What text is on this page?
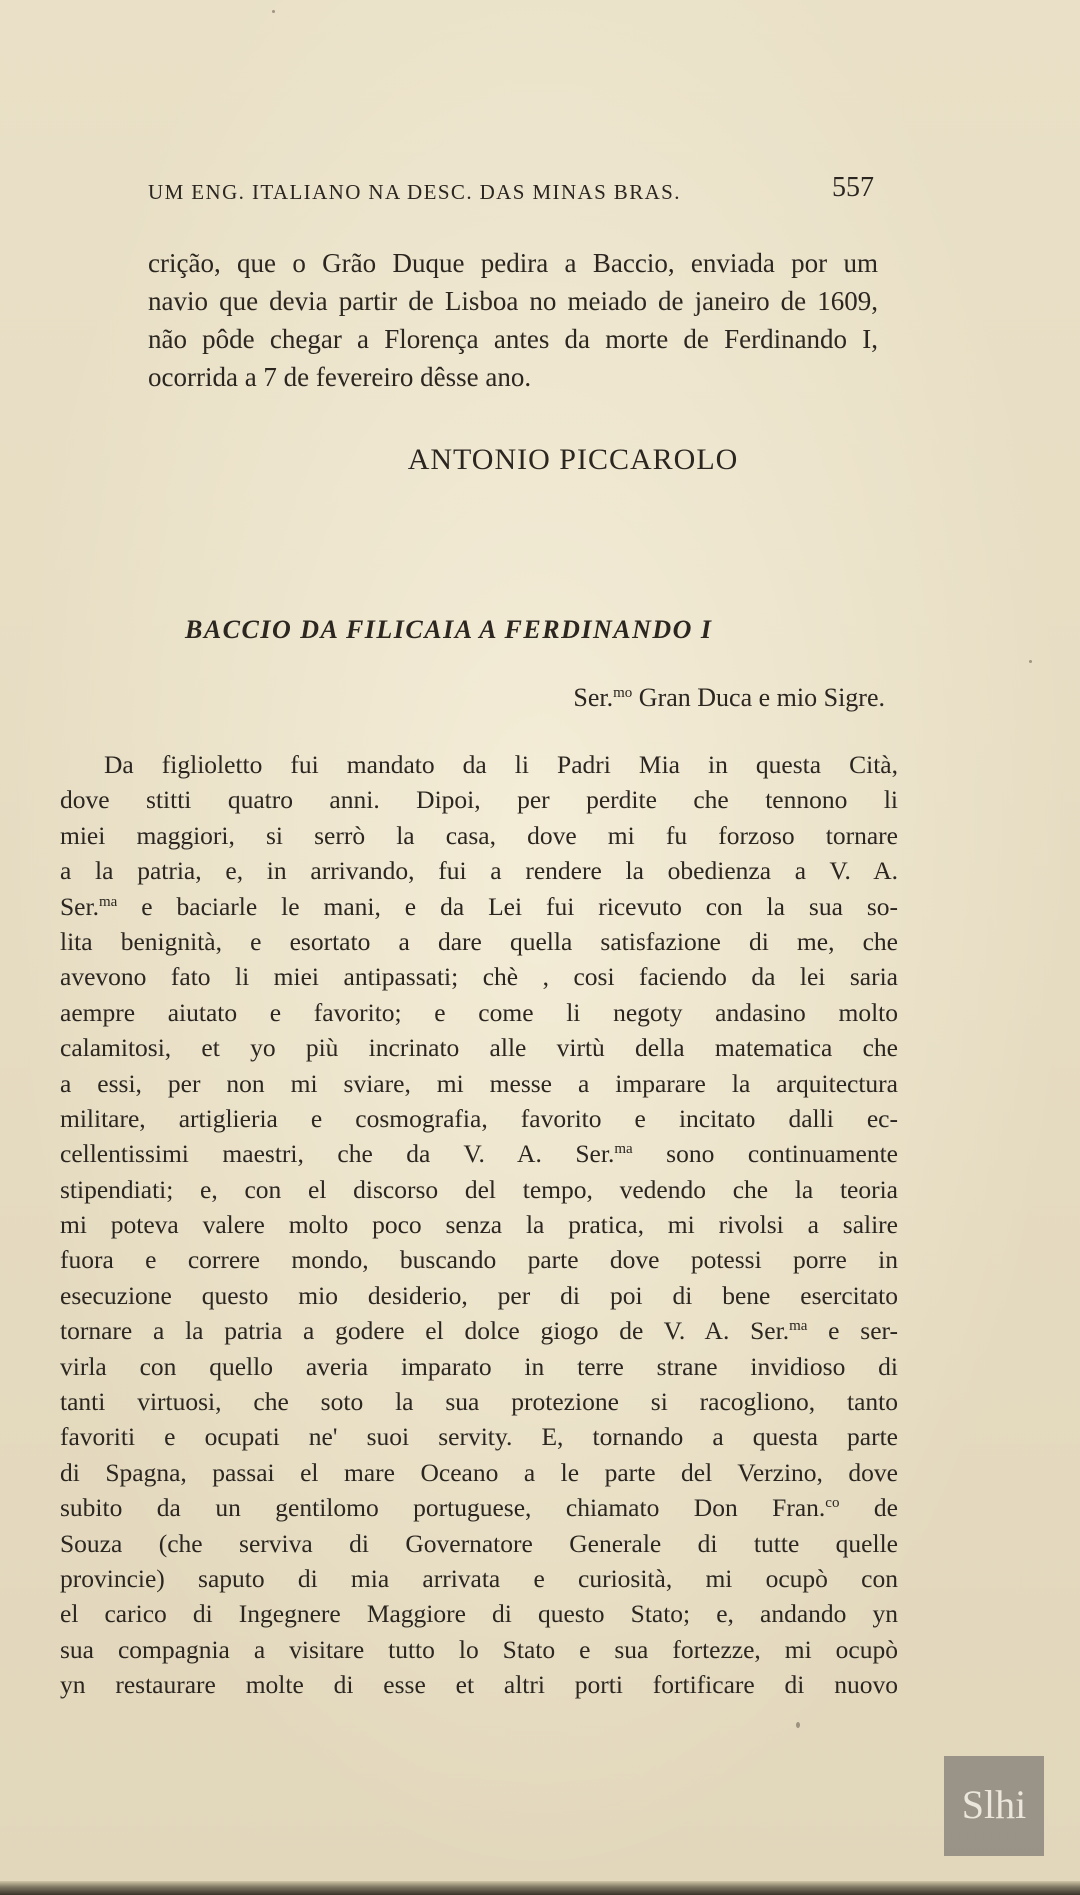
UM ENG. ITALIANO NA DESC. DAS MINAS BRAS.	557
crição, que o Grão Duque pedira a Baccio, enviada por um
navio que devia partir de Lisboa no meiado de janeiro de 1609,
não pôde chegar a Florença antes da morte de Ferdinando I,
ocorrida a 7 de fevereiro dêsse ano.
ANTONIO PICCAROLO
BACCIO DA FILICAIA A FERDINANDO I
Ser.$^{mo}$ Gran Duca e mio Sigre.
Da figlioletto fui mandato da li Padri Mia in questa Cità,
dove stitti quatro anni. Dipoi, per perdite che tennono li
miei maggiori, si serrò la casa, dove mi fu forzoso tornare
a la patria, e, in arrivando, fui a rendere la obedienza a V. A.
Ser.$^{ma}$ e baciarle le mani, e da Lei fui ricevuto con la sua so-
lita benignità, e esortato a dare quella satisfazione di me, che
avevono fato li miei antipassati; chè , cosi faciendo da lei saria
aempre aiutato e favorito; e come li negoty andasino molto
calamitosi, et yo più incrinato alle virtù della matematica che
a essi, per non mi sviare, mi messe a imparare la arquitectura
militare, artiglieria e cosmografia, favorito e incitato dalli ec-
cellentissimi maestri, che da V. A. Ser.$^{ma}$ sono continuamente
stipendiati; e, con el discorso del tempo, vedendo che la teoria
mi poteva valere molto poco senza la pratica, mi rivolsi a salire
fuora e correre mondo, buscando parte dove potessi porre in
esecuzione questo mio desiderio, per di poi di bene esercitato
tornare a la patria a godere el dolce giogo de V. A. Ser.$^{ma}$ e ser-
virla con quello averia imparato in terre strane invidioso di
tanti virtuosi, che soto la sua protezione si racogliono, tanto
favoriti e ocupati ne' suoi servity. E, tornando a questa parte
di Spagna, passai el mare Oceano a le parte del Verzino, dove
subito da un gentilomo portuguese, chiamato Don Fran.$^{co}$ de
Souza (che serviva di Governatore Generale di tutte quelle
provincie) saputo di mia arrivata e curiosità, mi ocupò con
el carico di Ingegnere Maggiore di questo Stato; e, andando yn
sua compagnia a visitare tutto lo Stato e sua fortezze, mi ocupò
yn restaurare molte di esse et altri porti fortificare di nuovo
Slhi
